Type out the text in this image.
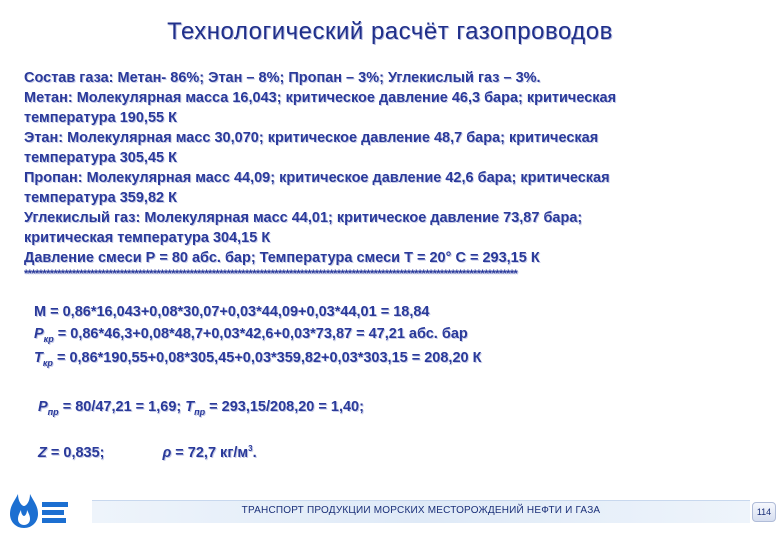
Технологический расчёт газопроводов
Состав газа: Метан- 86%; Этан – 8%; Пропан – 3%; Углекислый газ – 3%.
Метан: Молекулярная масса 16,043; критическое давление 46,3 бара; критическая
температура 190,55 К
Этан: Молекулярная масс 30,070; критическое давление 48,7 бара; критическая
температура 305,45 К
Пропан: Молекулярная масс 44,09; критическое давление 42,6 бара; критическая
температура 359,82 К
Углекислый газ: Молекулярная масс 44,01; критическое давление 73,87 бара;
критическая температура 304,15 К
Давление смеси Р = 80 абс. бар; Температура смеси Т = 20° С = 293,15 К
**************************************************************************************************************************************
М = 0,86*16,043+0,08*30,07+0,03*44,09+0,03*44,01 = 18,84
$Р_{кр} = 0,86*46,3+0,08*48,7+0,03*42,6+0,03*73,87 = 47,21$ абс. бар
$Т_{кр} = 0,86*190,55+0,08*305,45+0,03*359,82+0,03*303,15 = 208,20$ К
$Р_{пр} = 80/47,21 = 1,69$; $Т_{пр} = 293,15/208,20 = 1,40$;
Z = 0,835;	ρ = 72,7 $кг/м^3$.
ТРАНСПОРТ ПРОДУКЦИИ МОРСКИХ МЕСТОРОЖДЕНИЙ НЕФТИ И ГАЗА	114
